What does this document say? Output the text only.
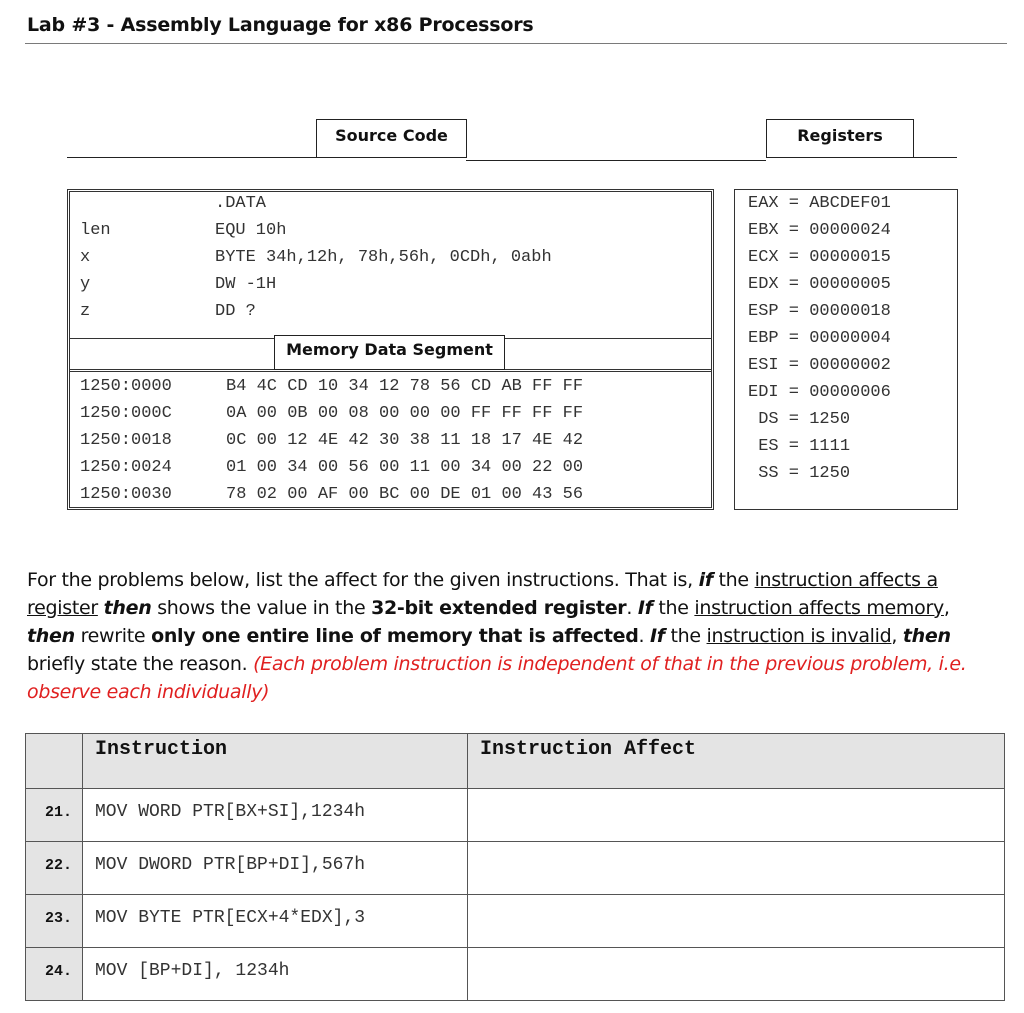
Lab #3 - Assembly Language for x86 Processors
Source Code	Registers
.DATA
len	EQU 10h
x	BYTE 34h,12h, 78h,56h, 0CDh, 0abh
y	DW -1H
z	DD ?
Memory Data Segment
1250:0000	B4 4C CD 10 34 12 78 56 CD AB FF FF
1250:000C	0A 00 0B 00 08 00 00 00 FF FF FF FF
1250:0018	0C 00 12 4E 42 30 38 11 18 17 4E 42
1250:0024	01 00 34 00 56 00 11 00 34 00 22 00
1250:0030	78 02 00 AF 00 BC 00 DE 01 00 43 56
EAX = ABCDEF01
EBX = 00000024
ECX = 00000015
EDX = 00000005
ESP = 00000018
EBP = 00000004
ESI = 00000002
EDI = 00000006
DS = 1250
ES = 1111
SS = 1250
For the problems below, list the affect for the given instructions. That is, if the instruction affects a register then shows the value in the 32-bit extended register. If the instruction affects memory, then rewrite only one entire line of memory that is affected. If the instruction is invalid, then briefly state the reason. (Each problem instruction is independent of that in the previous problem, i.e. observe each individually)
	Instruction	Instruction Affect
21.	MOV WORD PTR[BX+SI],1234h	
22.	MOV DWORD PTR[BP+DI],567h	
23.	MOV BYTE PTR[ECX+4*EDX],3	
24.	MOV [BP+DI], 1234h	
